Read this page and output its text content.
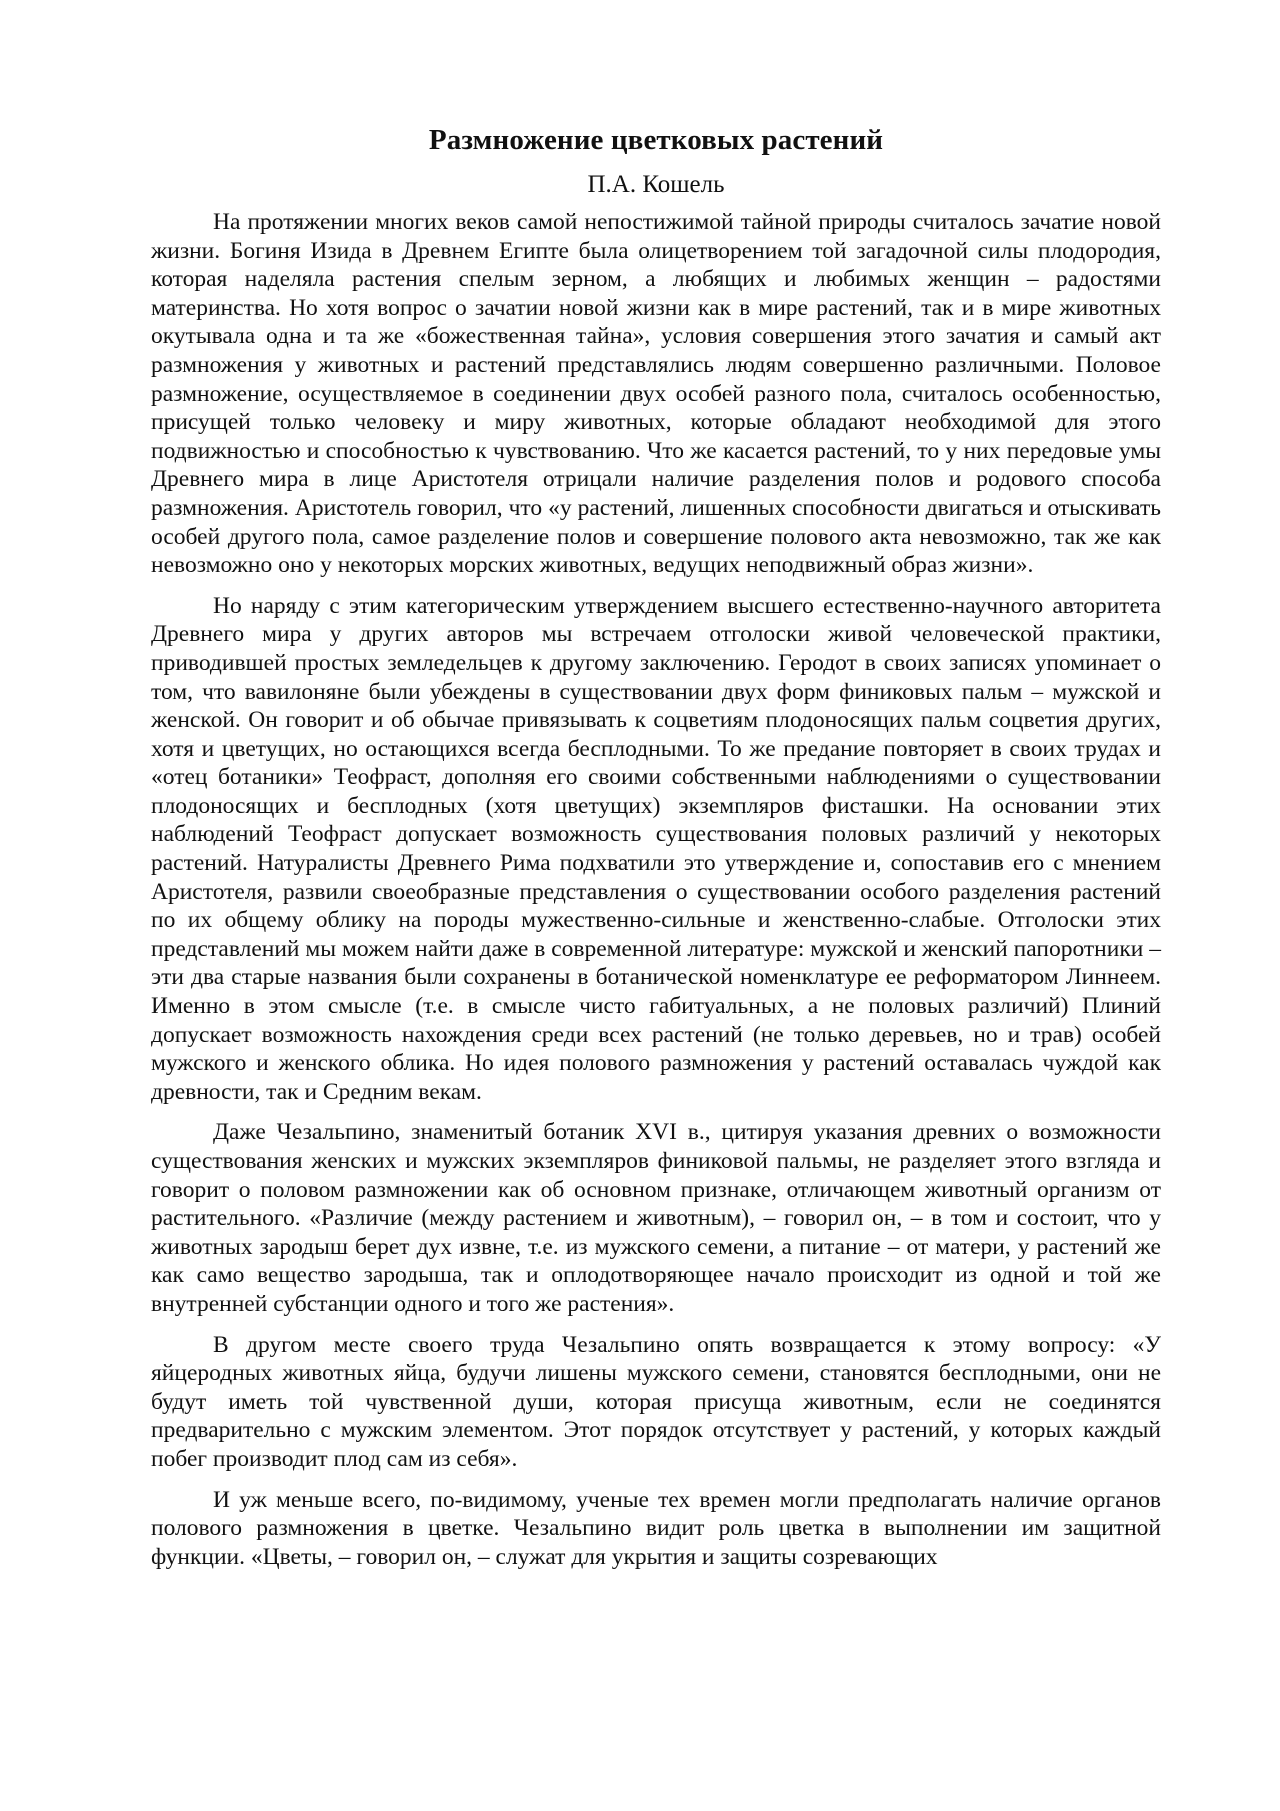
Размножение цветковых растений
П.А. Кошель

На протяжении многих веков самой непостижимой тайной природы считалось зачатие новой жизни. Богиня Изида в Древнем Египте была олицетворением той загадочной силы плодородия, которая наделяла растения спелым зерном, а любящих и любимых женщин – радостями материнства. Но хотя вопрос о зачатии новой жизни как в мире растений, так и в мире животных окутывала одна и та же «божественная тайна», условия совершения этого зачатия и самый акт размножения у животных и растений представлялись людям совершенно различными. Половое размножение, осуществляемое в соединении двух особей разного пола, считалось особенностью, присущей только человеку и миру животных, которые обладают необходимой для этого подвижностью и способностью к чувствованию. Что же касается растений, то у них передовые умы Древнего мира в лице Аристотеля отрицали наличие разделения полов и родового способа размножения. Аристотель говорил, что «у растений, лишенных способности двигаться и отыскивать особей другого пола, самое разделение полов и совершение полового акта невозможно, так же как невозможно оно у некоторых морских животных, ведущих неподвижный образ жизни».

Но наряду с этим категорическим утверждением высшего естественно-научного авторитета Древнего мира у других авторов мы встречаем отголоски живой человеческой практики, приводившей простых земледельцев к другому заключению. Геродот в своих записях упоминает о том, что вавилоняне были убеждены в существовании двух форм финиковых пальм – мужской и женской. Он говорит и об обычае привязывать к соцветиям плодоносящих пальм соцветия других, хотя и цветущих, но остающихся всегда бесплодными. То же предание повторяет в своих трудах и «отец ботаники» Теофраст, дополняя его своими собственными наблюдениями о существовании плодоносящих и бесплодных (хотя цветущих) экземпляров фисташки. На основании этих наблюдений Теофраст допускает возможность существования половых различий у некоторых растений. Натуралисты Древнего Рима подхватили это утверждение и, сопоставив его с мнением Аристотеля, развили своеобразные представления о существовании особого разделения растений по их общему облику на породы мужественно-сильные и женственно-слабые. Отголоски этих представлений мы можем найти даже в современной литературе: мужской и женский папоротники – эти два старые названия были сохранены в ботанической номенклатуре ее реформатором Линнеем. Именно в этом смысле (т.е. в смысле чисто габитуальных, а не половых различий) Плиний допускает возможность нахождения среди всех растений (не только деревьев, но и трав) особей мужского и женского облика. Но идея полового размножения у растений оставалась чуждой как древности, так и Средним векам.

Даже Чезальпино, знаменитый ботаник XVI в., цитируя указания древних о возможности существования женских и мужских экземпляров финиковой пальмы, не разделяет этого взгляда и говорит о половом размножении как об основном признаке, отличающем животный организм от растительного. «Различие (между растением и животным), – говорил он, – в том и состоит, что у животных зародыш берет дух извне, т.е. из мужского семени, а питание – от матери, у растений же как само вещество зародыша, так и оплодотворяющее начало происходит из одной и той же внутренней субстанции одного и того же растения».

В другом месте своего труда Чезальпино опять возвращается к этому вопросу: «У яйцеродных животных яйца, будучи лишены мужского семени, становятся бесплодными, они не будут иметь той чувственной души, которая присуща животным, если не соединятся предварительно с мужским элементом. Этот порядок отсутствует у растений, у которых каждый побег производит плод сам из себя».

И уж меньше всего, по-видимому, ученые тех времен могли предполагать наличие органов полового размножения в цветке. Чезальпино видит роль цветка в выполнении им защитной функции. «Цветы, – говорил он, – служат для укрытия и защиты созревающих
